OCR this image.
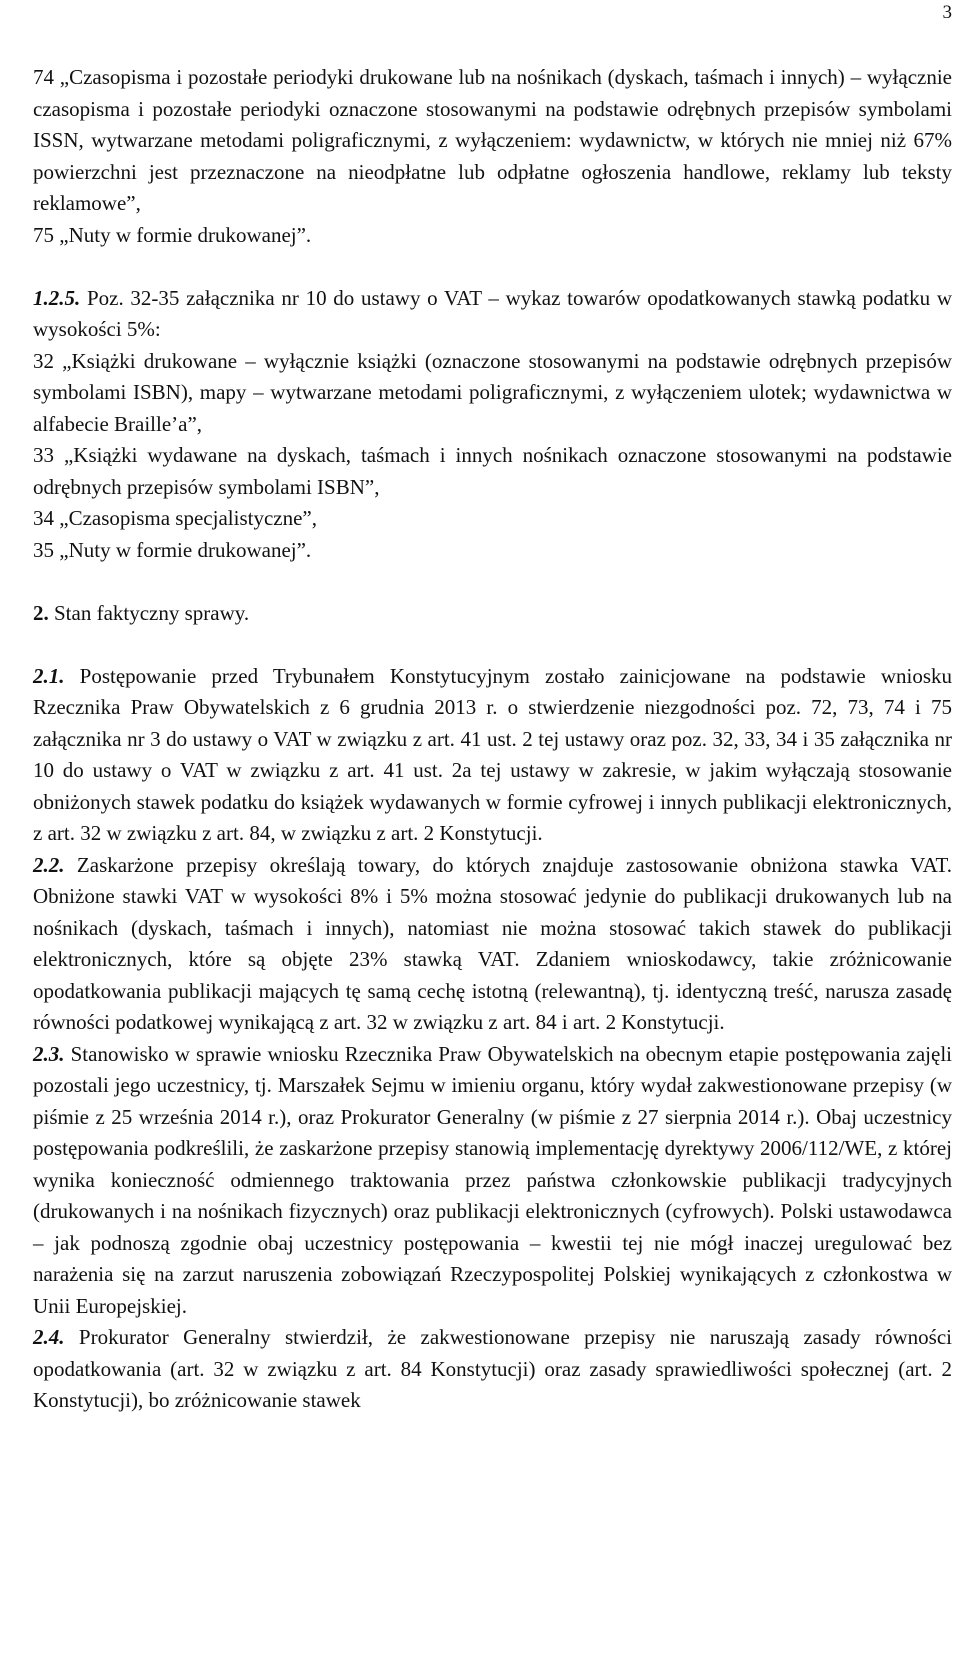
3

74 „Czasopisma i pozostałe periodyki drukowane lub na nośnikach (dyskach, taśmach i innych) – wyłącznie czasopisma i pozostałe periodyki oznaczone stosowanymi na podstawie odrębnych przepisów symbolami ISSN, wytwarzane metodami poligraficznymi, z wyłączeniem: wydawnictw, w których nie mniej niż 67% powierzchni jest przeznaczone na nieodpłatne lub odpłatne ogłoszenia handlowe, reklamy lub teksty reklamowe”,

75 „Nuty w formie drukowanej”.

1.2.5. Poz. 32-35 załącznika nr 10 do ustawy o VAT – wykaz towarów opodatkowanych stawką podatku w wysokości 5%:

32 „Książki drukowane – wyłącznie książki (oznaczone stosowanymi na podstawie odrębnych przepisów symbolami ISBN), mapy – wytwarzane metodami poligraficznymi, z wyłączeniem ulotek; wydawnictwa w alfabecie Braille’a”,

33 „Książki wydawane na dyskach, taśmach i innych nośnikach oznaczone stosowanymi na podstawie odrębnych przepisów symbolami ISBN”,

34 „Czasopisma specjalistyczne”,

35 „Nuty w formie drukowanej”.

2. Stan faktyczny sprawy.

2.1. Postępowanie przed Trybunałem Konstytucyjnym zostało zainicjowane na podstawie wniosku Rzecznika Praw Obywatelskich z 6 grudnia 2013 r. o stwierdzenie niezgodności poz. 72, 73, 74 i 75 załącznika nr 3 do ustawy o VAT w związku z art. 41 ust. 2 tej ustawy oraz poz. 32, 33, 34 i 35 załącznika nr 10 do ustawy o VAT w związku z art. 41 ust. 2a tej ustawy w zakresie, w jakim wyłączają stosowanie obniżonych stawek podatku do książek wydawanych w formie cyfrowej i innych publikacji elektronicznych, z art. 32 w związku z art. 84, w związku z art. 2 Konstytucji.

2.2. Zaskarżone przepisy określają towary, do których znajduje zastosowanie obniżona stawka VAT. Obniżone stawki VAT w wysokości 8% i 5% można stosować jedynie do publikacji drukowanych lub na nośnikach (dyskach, taśmach i innych), natomiast nie można stosować takich stawek do publikacji elektronicznych, które są objęte 23% stawką VAT. Zdaniem wnioskodawcy, takie zróżnicowanie opodatkowania publikacji mających tę samą cechę istotną (relewantną), tj. identyczną treść, narusza zasadę równości podatkowej wynikającą z art. 32 w związku z art. 84 i art. 2 Konstytucji.

2.3. Stanowisko w sprawie wniosku Rzecznika Praw Obywatelskich na obecnym etapie postępowania zajęli pozostali jego uczestnicy, tj. Marszałek Sejmu w imieniu organu, który wydał zakwestionowane przepisy (w piśmie z 25 września 2014 r.), oraz Prokurator Generalny (w piśmie z 27 sierpnia 2014 r.). Obaj uczestnicy postępowania podkreślili, że zaskarżone przepisy stanowią implementację dyrektywy 2006/112/WE, z której wynika konieczność odmiennego traktowania przez państwa członkowskie publikacji tradycyjnych (drukowanych i na nośnikach fizycznych) oraz publikacji elektronicznych (cyfrowych). Polski ustawodawca – jak podnoszą zgodnie obaj uczestnicy postępowania – kwestii tej nie mógł inaczej uregulować bez narażenia się na zarzut naruszenia zobowiązań Rzeczypospolitej Polskiej wynikających z członkostwa w Unii Europejskiej.

2.4. Prokurator Generalny stwierdził, że zakwestionowane przepisy nie naruszają zasady równości opodatkowania (art. 32 w związku z art. 84 Konstytucji) oraz zasady sprawiedliwości społecznej (art. 2 Konstytucji), bo zróżnicowanie stawek
